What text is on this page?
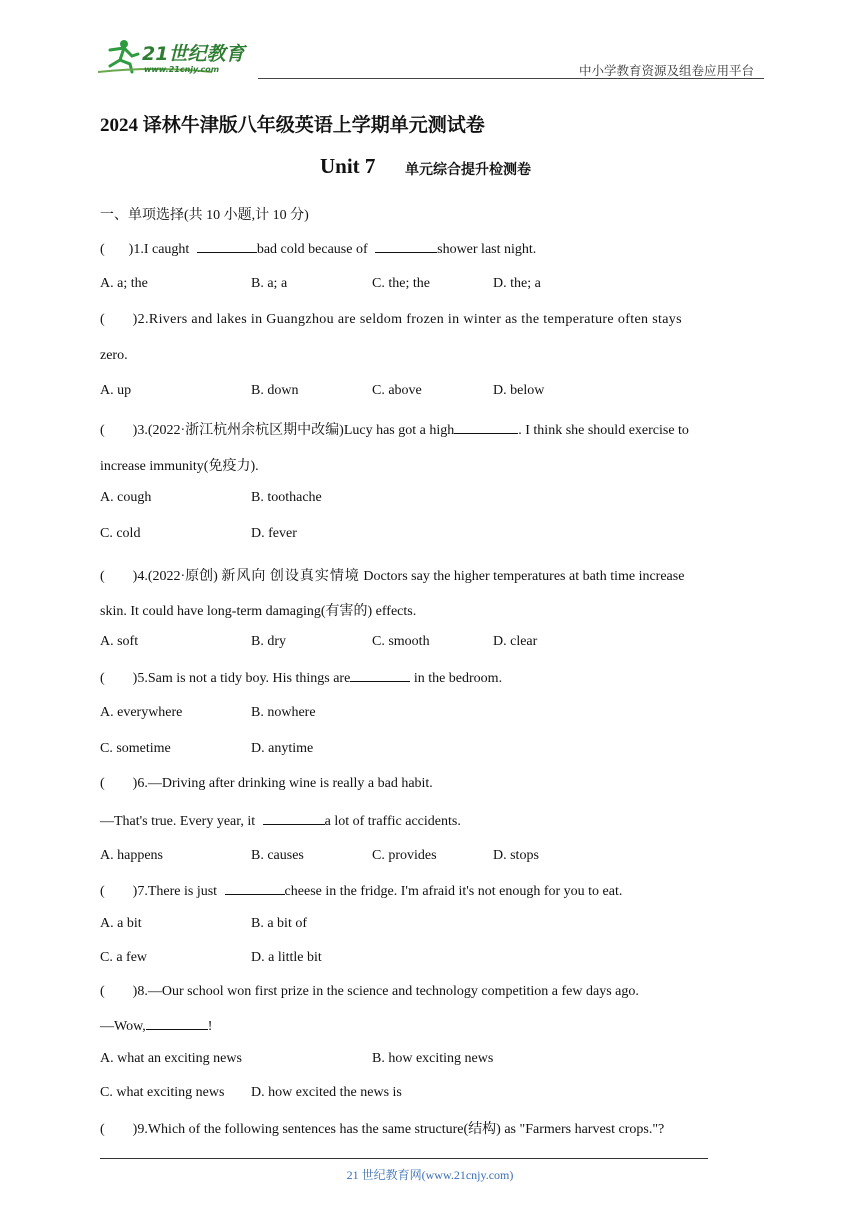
21世纪教育
www.21cnjy.com	中小学教育资源及组卷应用平台
2024 译林牛津版八年级英语上学期单元测试卷
Unit 7 单元综合提升检测卷
一、单项选择(共 10 小题,计 10 分)
( )1.I caught	bad cold because of	shower last night.
A. a; the	B. a; a	C. the; the	D. the; a
( )2.Rivers and lakes in Guangzhou are seldom frozen in winter as the temperature often stays
zero.
A. up	B. down	C. above	D. below
( )3.(2022·浙江杭州余杭区期中改编)Lucy has got a high	. I think she should exercise to
increase immunity(免疫力).
A. cough	B. toothache
C. cold	D. fever
( )4.(2022·原创) 新风向 创设真实情境 Doctors say the higher temperatures at bath time increase
skin. It could have long-term damaging(有害的) effects.
A. soft	B. dry	C. smooth	D. clear
( )5.Sam is not a tidy boy. His things are	in the bedroom.
A. everywhere	B. nowhere
C. sometime	D. anytime
( )6.—Driving after drinking wine is really a bad habit.
—That's true. Every year, it	a lot of traffic accidents.
A. happens	B. causes	C. provides	D. stops
( )7.There is just	cheese in the fridge. I'm afraid it's not enough for you to eat.
A. a bit	B. a bit of
C. a few	D. a little bit
( )8.—Our school won first prize in the science and technology competition a few days ago.
—Wow,	!
A. what an exciting news	B. how exciting news
C. what exciting news D. how excited the news is
( )9.Which of the following sentences has the same structure(结构) as "Farmers harvest crops."?
21 世纪教育网(www.21cnjy.com)
